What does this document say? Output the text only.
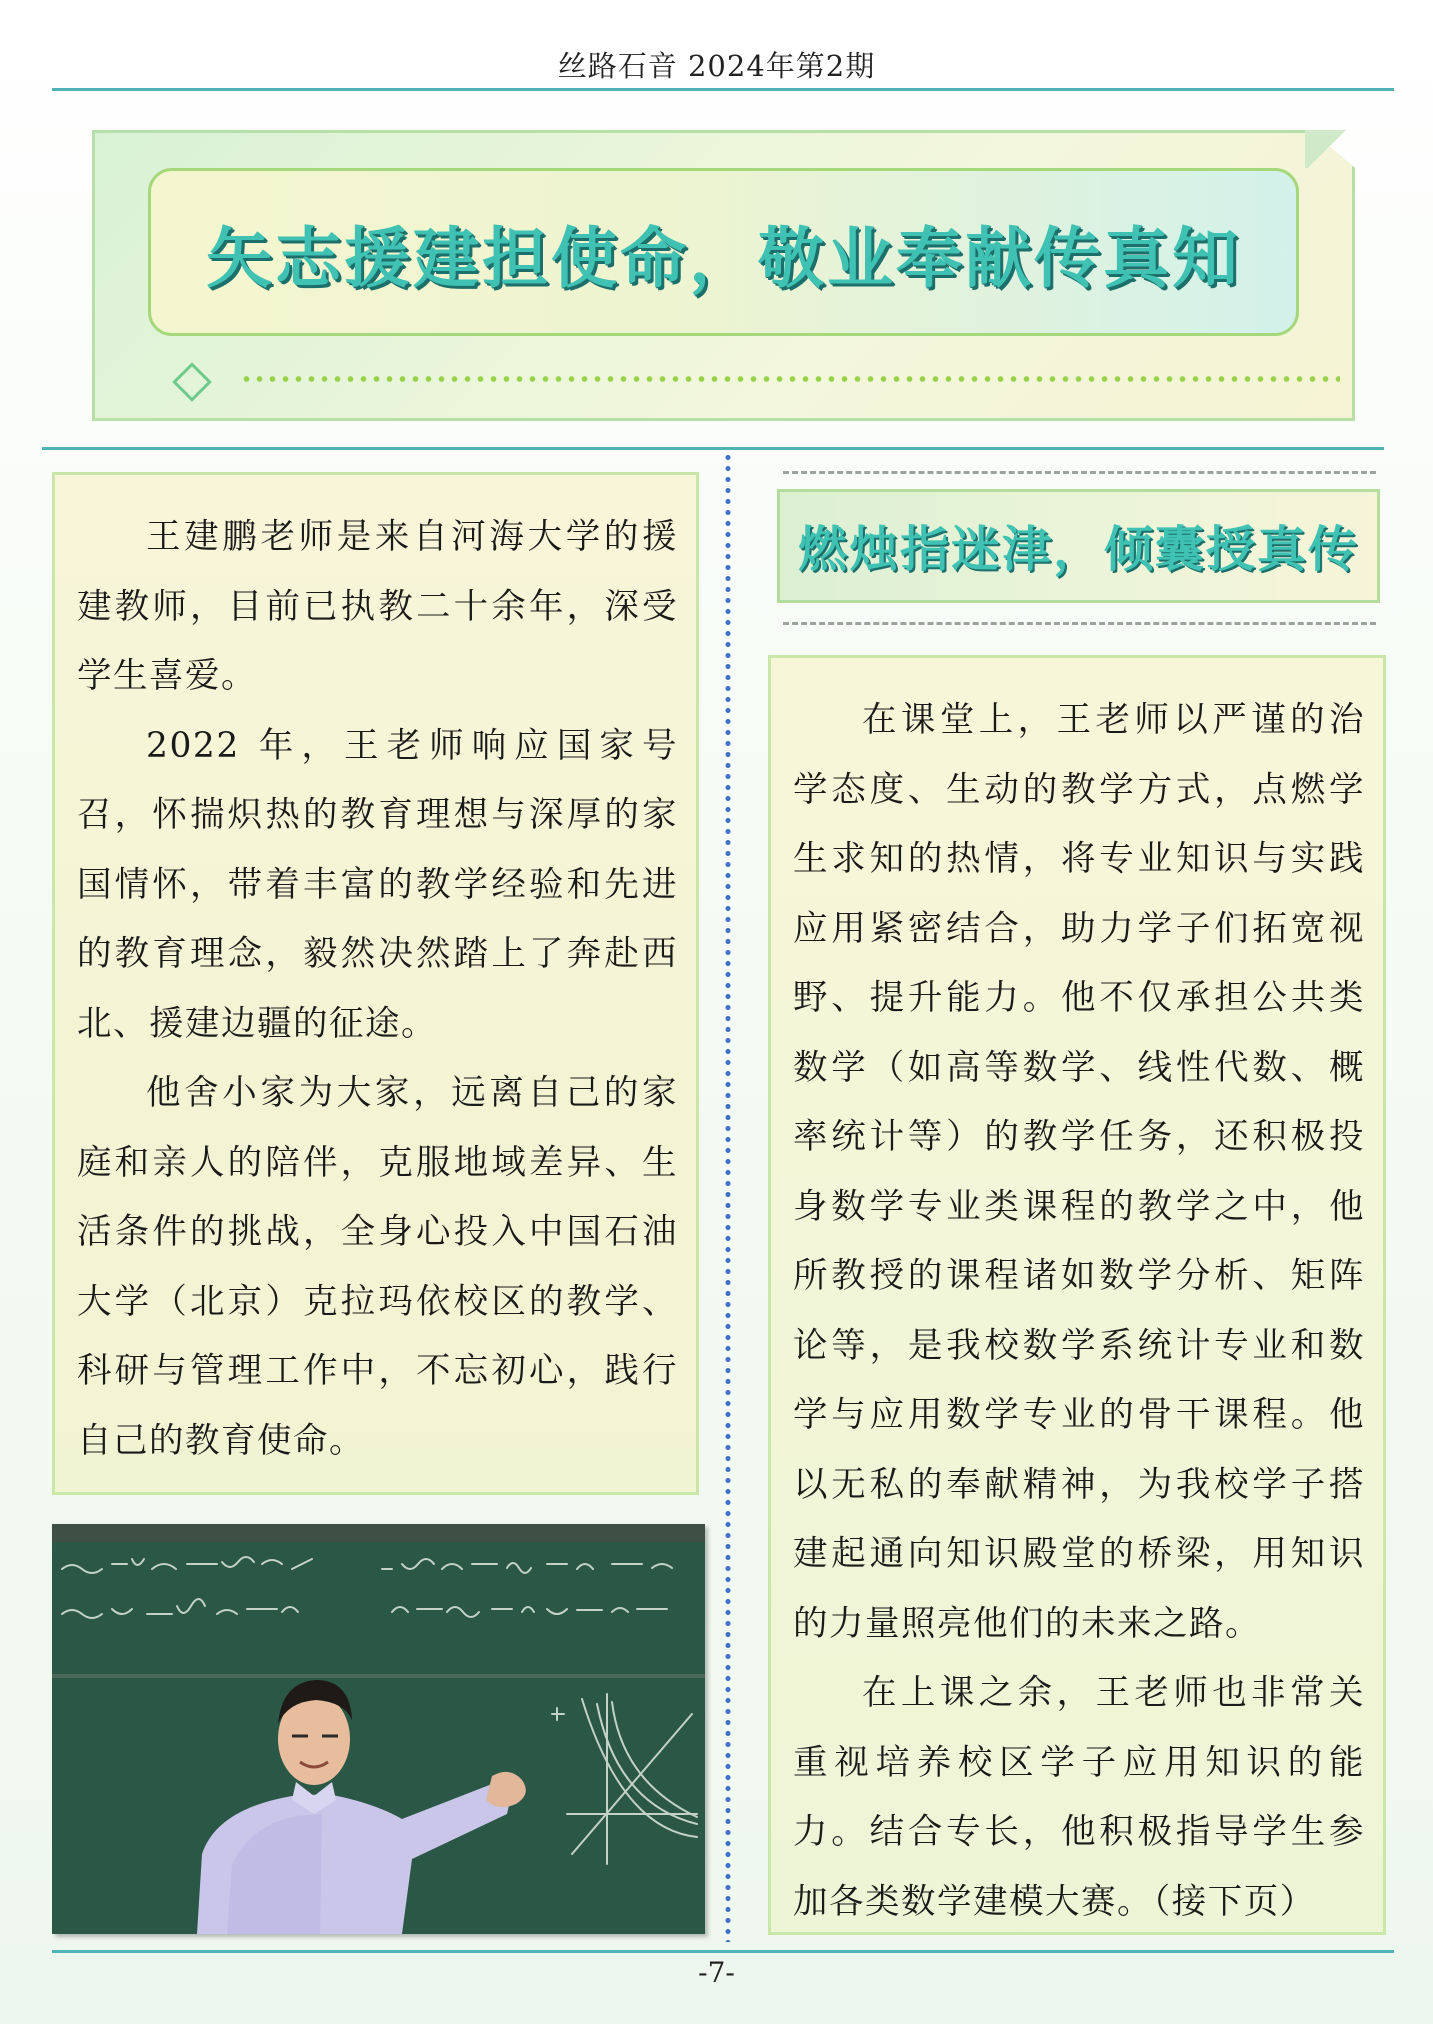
丝路石音 2024年第2期
矢志援建担使命，敬业奉献传真知

王建鹏老师是来自河海大学的援建教师，目前已执教二十余年，深受学生喜爱。

2022 年，王老师响应国家号召，怀揣炽热的教育理想与深厚的家国情怀，带着丰富的教学经验和先进的教育理念，毅然决然踏上了奔赴西北、援建边疆的征途。

他舍小家为大家，远离自己的家庭和亲人的陪伴，克服地域差异、生活条件的挑战，全身心投入中国石油大学（北京）克拉玛依校区的教学、科研与管理工作中，不忘初心，践行自己的教育使命。

燃烛指迷津，倾囊授真传

在课堂上，王老师以严谨的治学态度、生动的教学方式，点燃学生求知的热情，将专业知识与实践应用紧密结合，助力学子们拓宽视野、提升能力。他不仅承担公共类数学（如高等数学、线性代数、概率统计等）的教学任务，还积极投身数学专业类课程的教学之中，他所教授的课程诸如数学分析、矩阵论等，是我校数学系统计专业和数学与应用数学专业的骨干课程。他以无私的奉献精神，为我校学子搭建起通向知识殿堂的桥梁，用知识的力量照亮他们的未来之路。

在上课之余，王老师也非常关重视培养校区学子应用知识的能力。结合专长，他积极指导学生参加各类数学建模大赛。（接下页）

-7-
